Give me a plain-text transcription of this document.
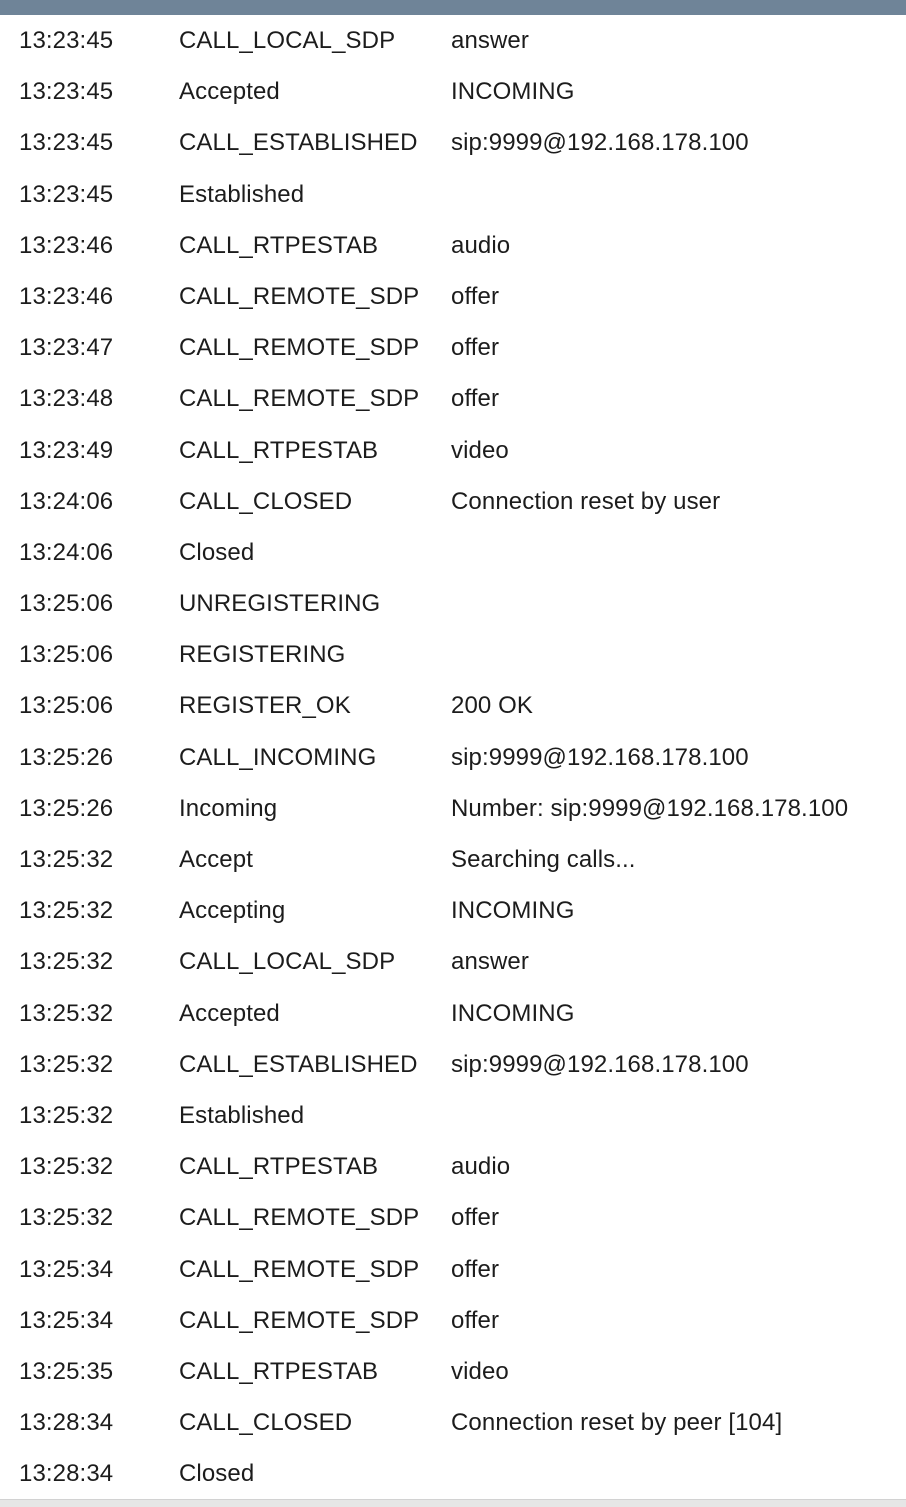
13:23:45	CALL_LOCAL_SDP answer
13:23:45	Accepted	INCOMING
13:23:45	CALL_ESTABLISHED sip:9999@192.168.178.100
13:23:45	Established
13:23:46	CALL_RTPESTAB	audio
13:23:46	CALL_REMOTE_SDP offer
13:23:47	CALL_REMOTE_SDP offer
13:23:48	CALL_REMOTE_SDP offer
13:23:49	CALL_RTPESTAB	video
13:24:06	CALL_CLOSED	Connection reset by user
13:24:06	Closed
13:25:06	UNREGISTERING
13:25:06	REGISTERING
13:25:06	REGISTER_OK	200 OK
13:25:26	CALL_INCOMING	sip:9999@192.168.178.100
13:25:26	Incoming	Number: sip:9999@192.168.178.100
13:25:32	Accept	Searching calls...
13:25:32	Accepting	INCOMING
13:25:32	CALL_LOCAL_SDP answer
13:25:32	Accepted	INCOMING
13:25:32	CALL_ESTABLISHED sip:9999@192.168.178.100
13:25:32	Established
13:25:32	CALL_RTPESTAB	audio
13:25:32	CALL_REMOTE_SDP offer
13:25:34	CALL_REMOTE_SDP offer
13:25:34	CALL_REMOTE_SDP offer
13:25:35	CALL_RTPESTAB	video
13:28:34	CALL_CLOSED	Connection reset by peer [104]
13:28:34	Closed
